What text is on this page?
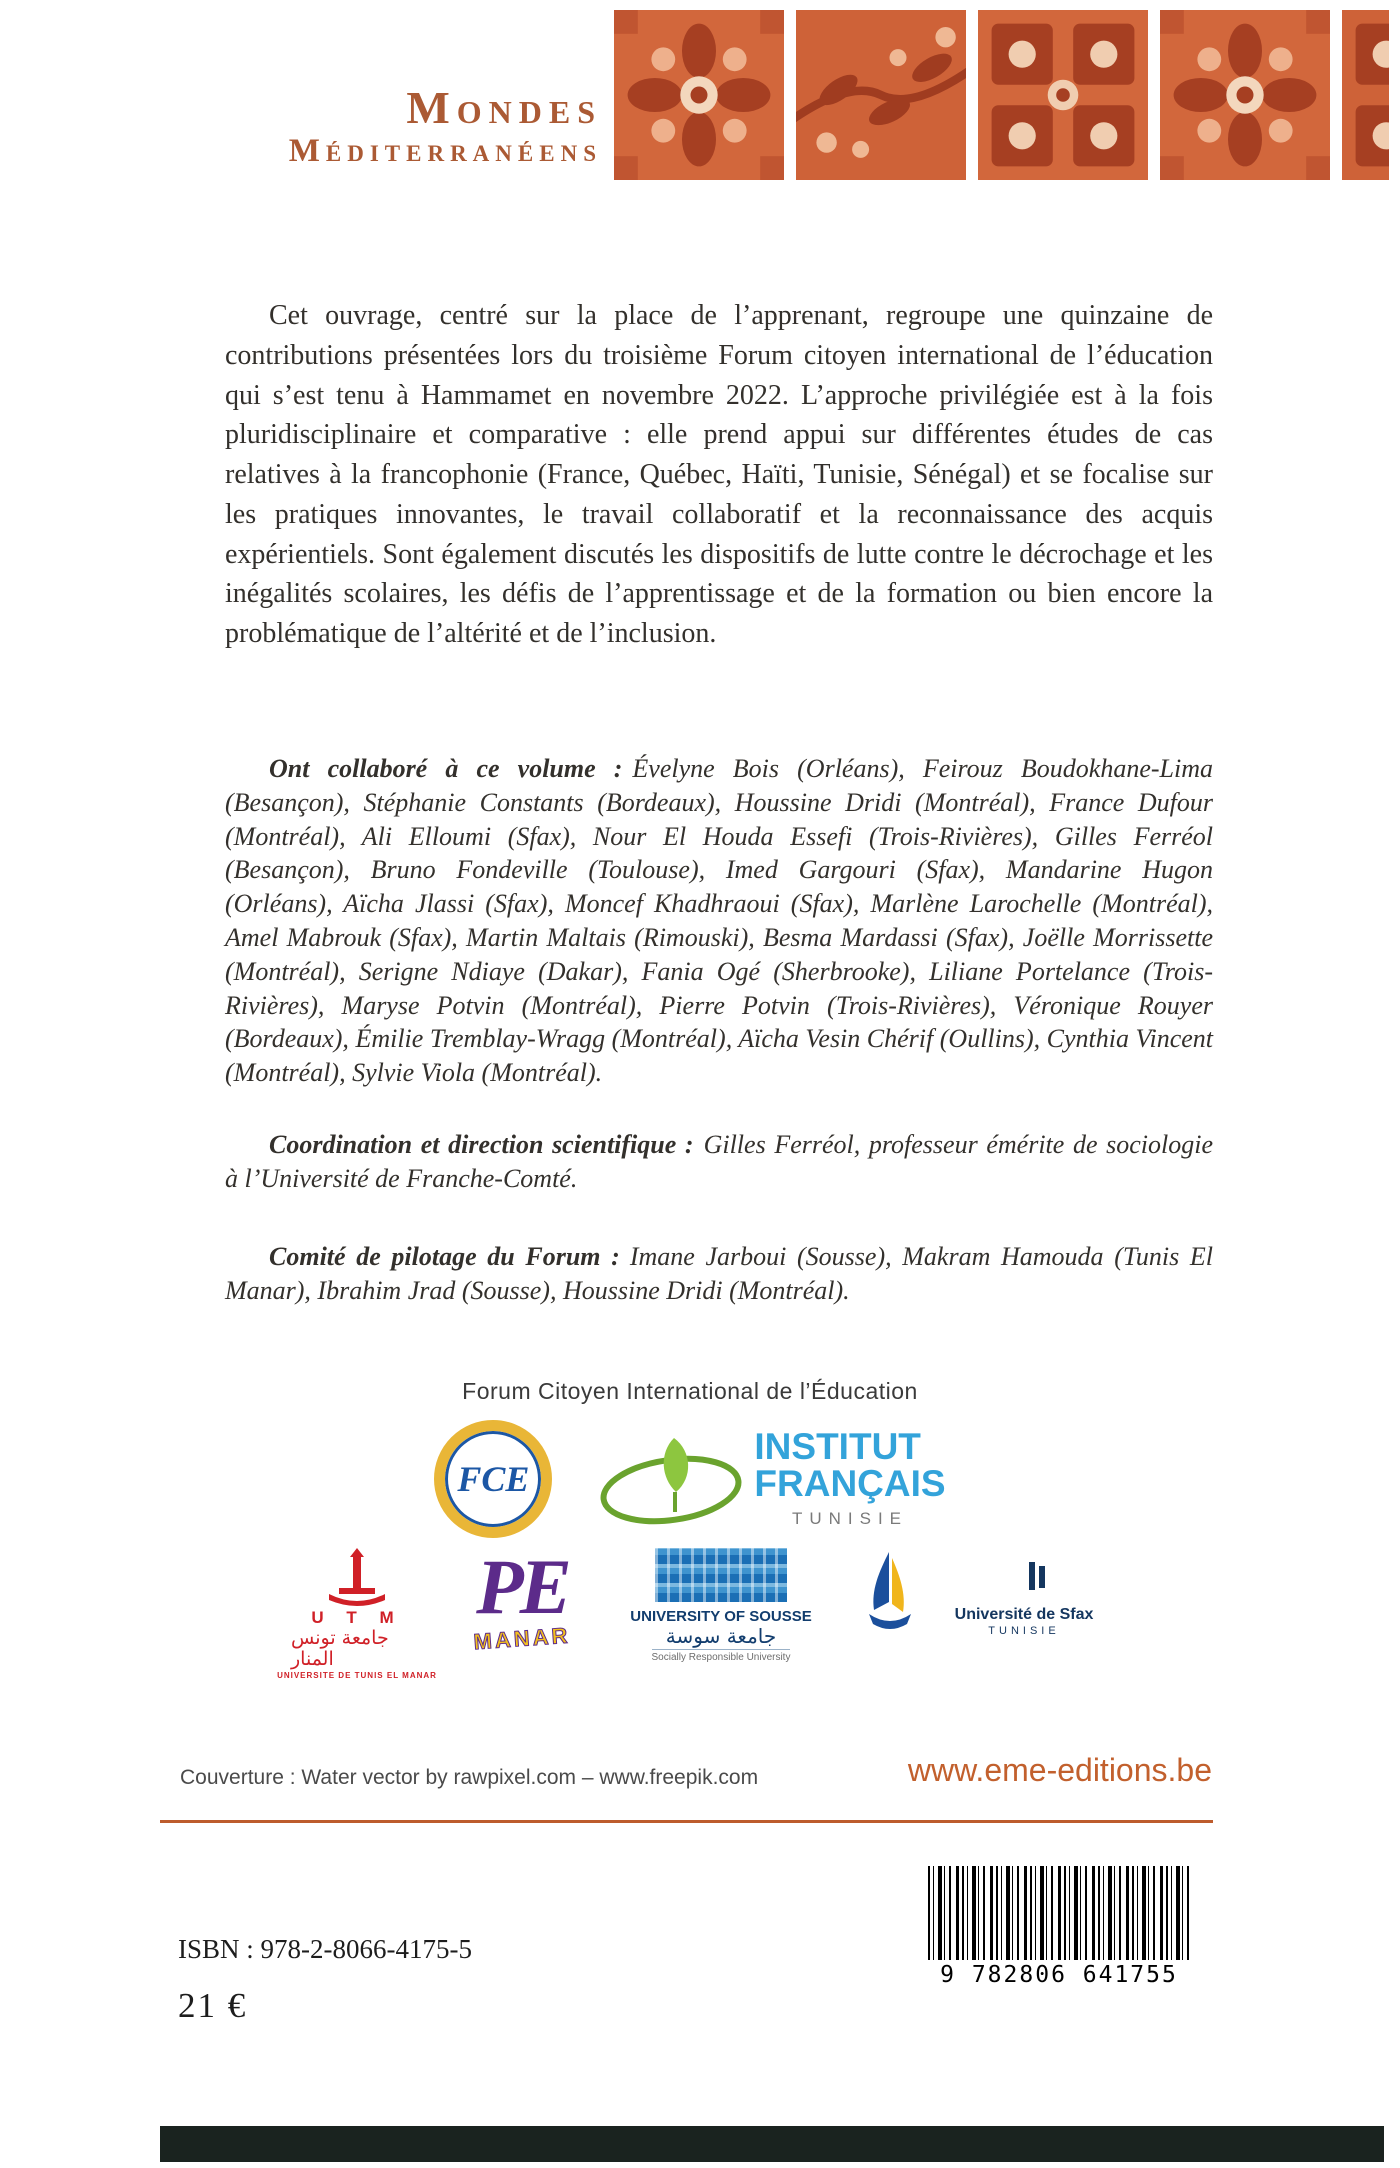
Mondes
Méditerranéens

Cet ouvrage, centré sur la place de l’apprenant, regroupe une quinzaine de contributions présentées lors du troisième Forum citoyen international de l’éducation qui s’est tenu à Hammamet en novembre 2022. L’approche privilégiée est à la fois pluridisciplinaire et comparative : elle prend appui sur différentes études de cas relatives à la francophonie (France, Québec, Haïti, Tunisie, Sénégal) et se focalise sur les pratiques innovantes, le travail collaboratif et la reconnaissance des acquis expérientiels. Sont également discutés les dispositifs de lutte contre le décrochage et les inégalités scolaires, les défis de l’apprentissage et de la formation ou bien encore la problématique de l’altérité et de l’inclusion.

Ont collaboré à ce volume : Évelyne Bois (Orléans), Feirouz Boudokhane-Lima (Besançon), Stéphanie Constants (Bordeaux), Houssine Dridi (Montréal), France Dufour (Montréal), Ali Elloumi (Sfax), Nour El Houda Essefi (Trois-Rivières), Gilles Ferréol (Besançon), Bruno Fondeville (Toulouse), Imed Gargouri (Sfax), Mandarine Hugon (Orléans), Aïcha Jlassi (Sfax), Moncef Khadhraoui (Sfax), Marlène Larochelle (Montréal), Amel Mabrouk (Sfax), Martin Maltais (Rimouski), Besma Mardassi (Sfax), Joëlle Morrissette (Montréal), Serigne Ndiaye (Dakar), Fania Ogé (Sherbrooke), Liliane Portelance (Trois-Rivières), Maryse Potvin (Montréal), Pierre Potvin (Trois-Rivières), Véronique Rouyer (Bordeaux), Émilie Tremblay-Wragg (Montréal), Aïcha Vesin Chérif (Oullins), Cynthia Vincent (Montréal), Sylvie Viola (Montréal).

Coordination et direction scientifique : Gilles Ferréol, professeur émérite de sociologie à l’Université de Franche-Comté.

Comité de pilotage du Forum : Imane Jarboui (Sousse), Makram Hamouda (Tunis El Manar), Ibrahim Jrad (Sousse), Houssine Dridi (Montréal).

Forum Citoyen International de l’Éducation

FCE
INSTITUT
FRANÇAIS
TUNISIE
U T M
جامعة تونس المنار
UNIVERSITE DE TUNIS EL MANAR
PE
MANAR
UNIVERSITY OF SOUSSE
جامعة سوسة
Socially Responsible University
Université de Sfax
TUNISIE

Couverture : Water vector by rawpixel.com – www.freepik.com	www.eme-editions.be

9 782806 641755

ISBN : 978-2-8066-4175-5

21 €
